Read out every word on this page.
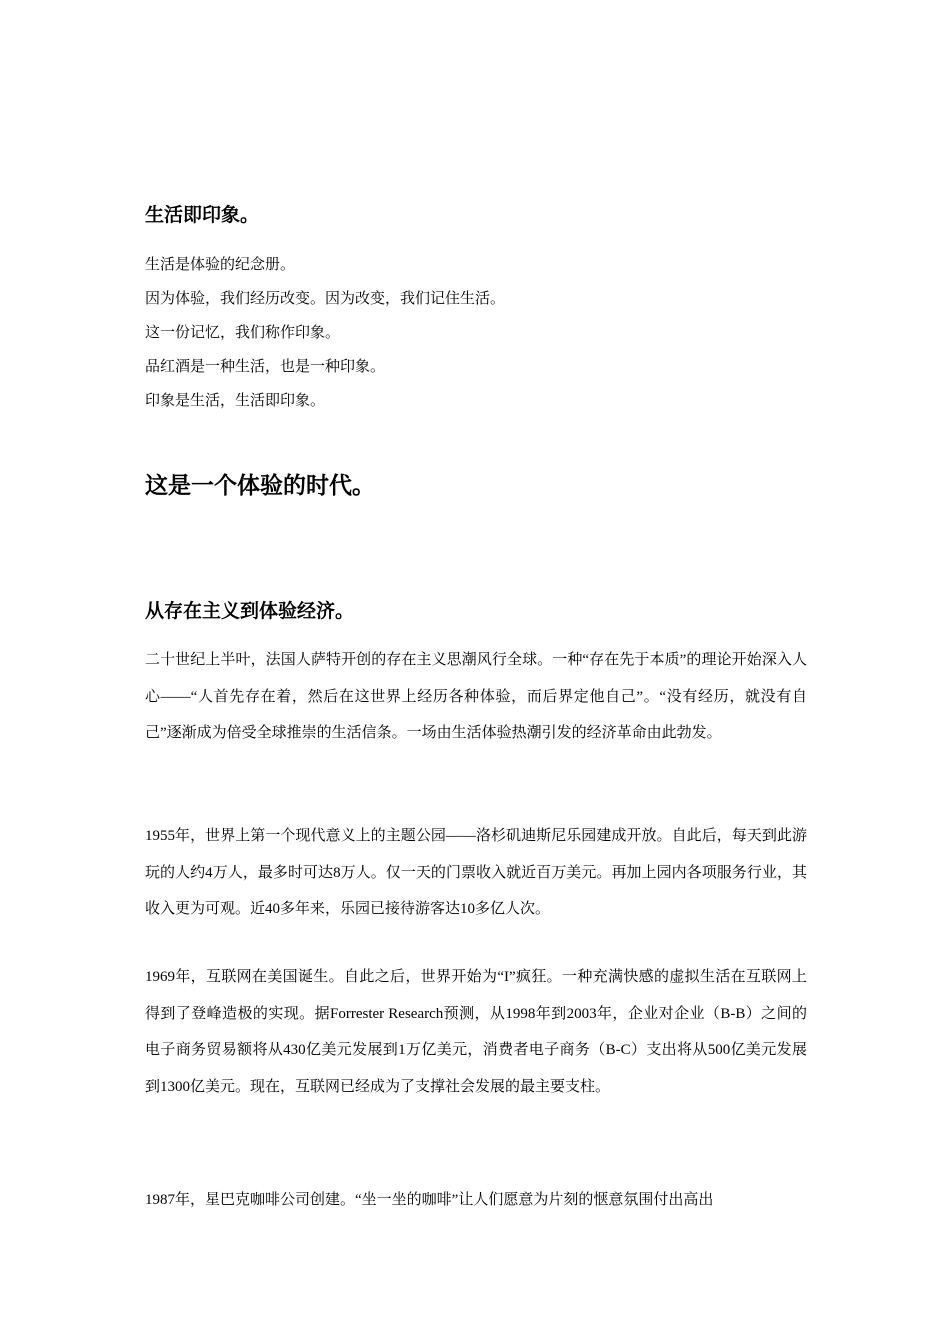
生活即印象。
生活是体验的纪念册。
因为体验，我们经历改变。因为改变，我们记住生活。
这一份记忆，我们称作印象。
品红酒是一种生活，也是一种印象。
印象是生活，生活即印象。
这是一个体验的时代。
从存在主义到体验经济。

二十世纪上半叶，法国人萨特开创的存在主义思潮风行全球。一种“存在先于本质”的理论开始深入人心——“人首先存在着，然后在这世界上经历各种体验，而后界定他自己”。“没有经历，就没有自己”逐渐成为倍受全球推崇的生活信条。一场由生活体验热潮引发的经济革命由此勃发。

1955年，世界上第一个现代意义上的主题公园——洛杉矶迪斯尼乐园建成开放。自此后，每天到此游玩的人约4万人，最多时可达8万人。仅一天的门票收入就近百万美元。再加上园内各项服务行业，其收入更为可观。近40多年来，乐园已接待游客达10多亿人次。

1969年，互联网在美国诞生。自此之后，世界开始为“I”疯狂。一种充满快感的虚拟生活在互联网上得到了登峰造极的实现。据Forrester Research预测，从1998年到2003年，企业对企业（B-B）之间的电子商务贸易额将从430亿美元发展到1万亿美元，消费者电子商务（B-C）支出将从500亿美元发展到1300亿美元。现在，互联网已经成为了支撑社会发展的最主要支柱。

1987年，星巴克咖啡公司创建。“坐一坐的咖啡”让人们愿意为片刻的惬意氛围付出高出
